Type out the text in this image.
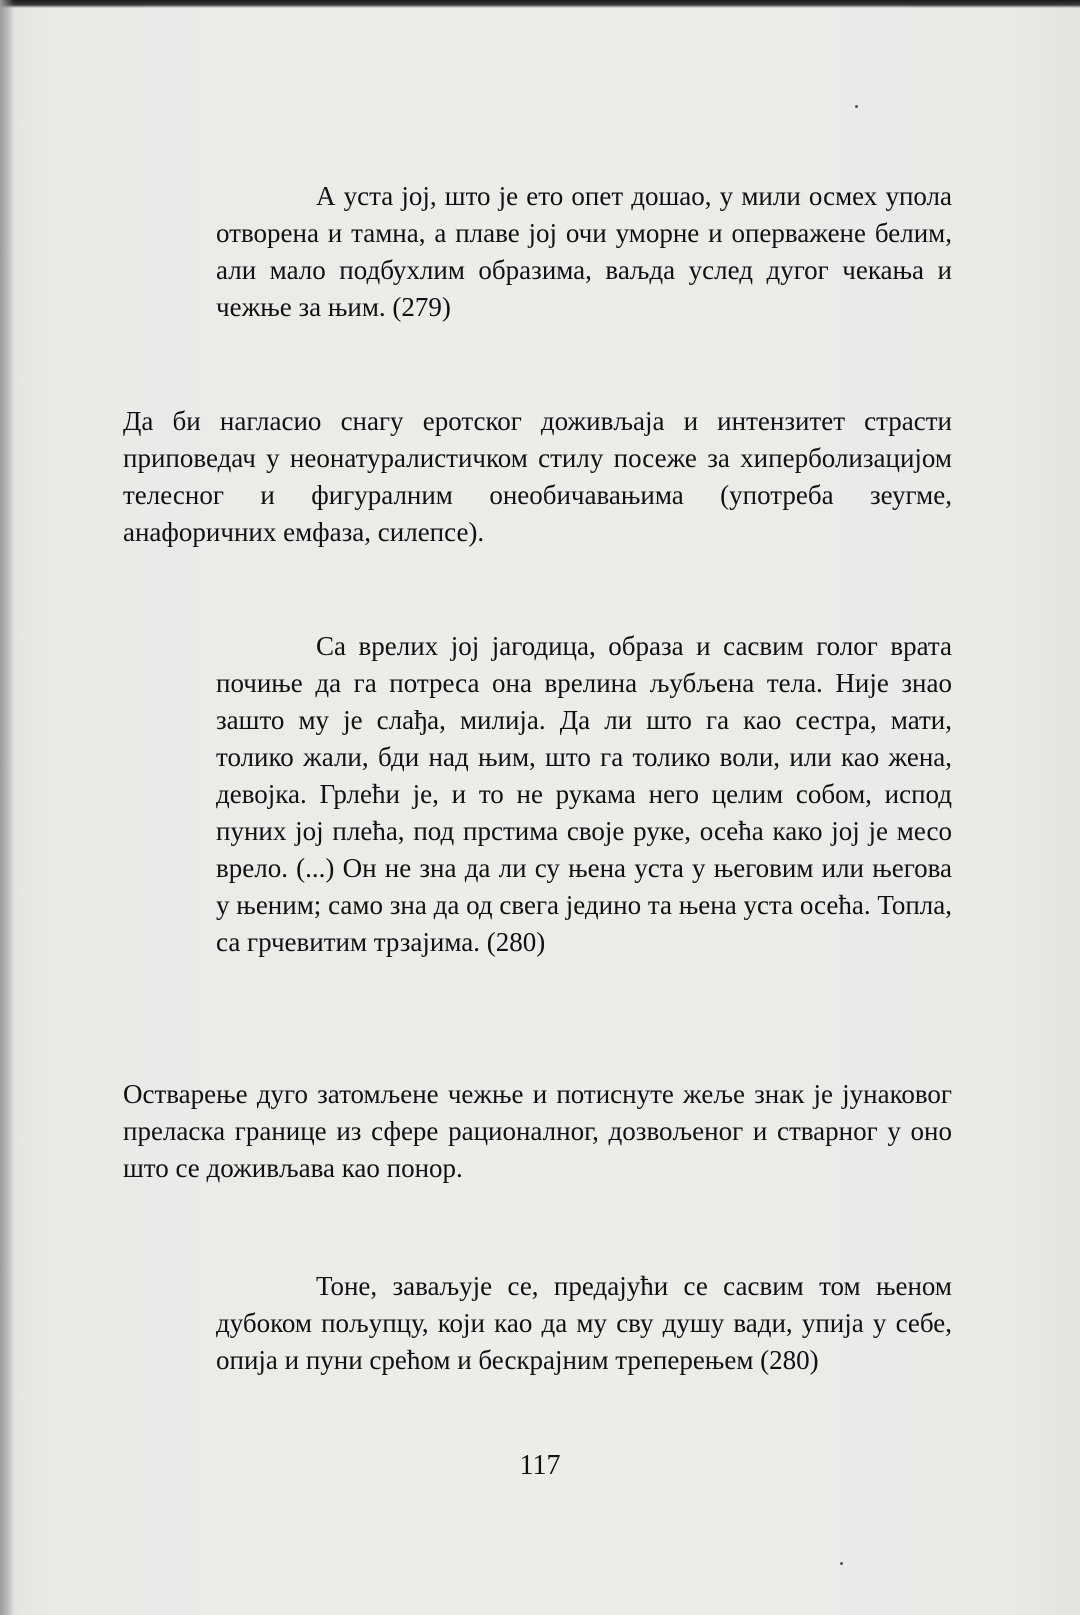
А уста јој, што је ето опет дошао, у мили осмех упола отворена и тамна, а плаве јој очи уморне и оперважене белим, али мало подбухлим образима, ваљда услед дугог чекања и чежње за њим. (279)

Да би нагласио снагу еротског доживљаја и интензитет страсти приповедач у неонатуралистичком стилу посеже за хиперболизацијом телесног и фигуралним онеобичавањима (употреба зеугме, анафоричних емфаза, силепсе).

Са врелих јој јагодица, образа и сасвим голог врата почиње да га потреса она врелина љубљена тела. Није знао зашто му је слађа, милија. Да ли што га као сестра, мати, толико жали, бди над њим, што га толико воли, или као жена, девојка. Грлећи је, и то не рукама него целим собом, испод пуних јој плећа, под прстима своје руке, осећа како јој је месо врело. (...) Он не зна да ли су њена уста у његовим или његова у њеним; само зна да од свега једино та њена уста осећа. Топла, са грчевитим трзајима. (280)

Остварење дуго затомљене чежње и потиснуте жеље знак је јунаковог преласка границе из сфере рационалног, дозвољеног и стварног у оно што се доживљава као понор.

Тоне, заваљује се, предајући се сасвим том њеном дубоком пољупцу, који као да му сву душу вади, упија у себе, опија и пуни срећом и бескрајним треперењем (280)

117
